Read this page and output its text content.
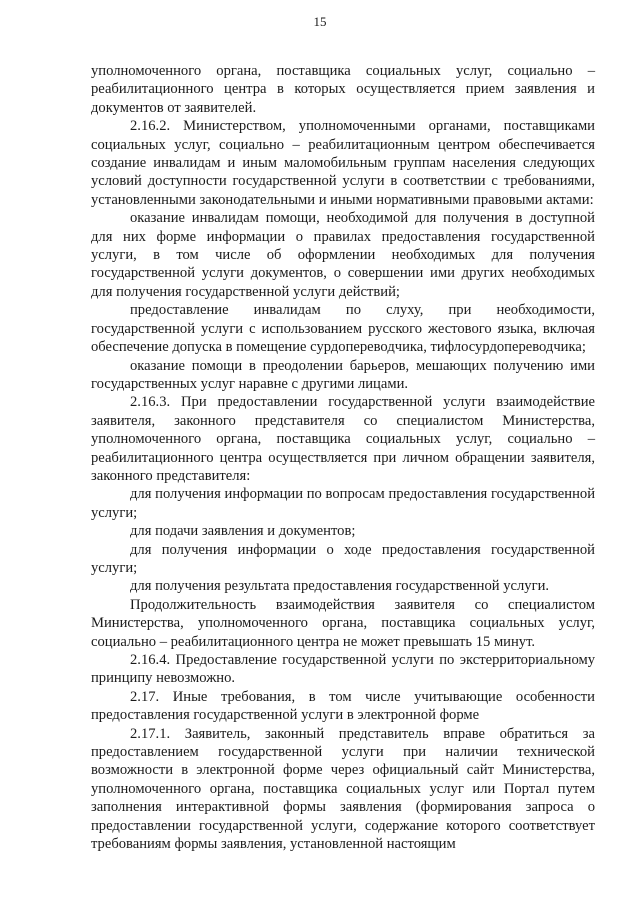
15

уполномоченного органа, поставщика социальных услуг, социально – реабилитационного центра в которых осуществляется прием заявления и документов от заявителей.

2.16.2. Министерством, уполномоченными органами, поставщиками социальных услуг, социально – реабилитационным центром обеспечивается создание инвалидам и иным маломобильным группам населения следующих условий доступности государственной услуги в соответствии с требованиями, установленными законодательными и иными нормативными правовыми актами:

оказание инвалидам помощи, необходимой для получения в доступной для них форме информации о правилах предоставления государственной услуги, в том числе об оформлении необходимых для получения государственной услуги документов, о совершении ими других необходимых для получения государственной услуги действий;

предоставление инвалидам по слуху, при необходимости, государственной услуги с использованием русского жестового языка, включая обеспечение допуска в помещение сурдопереводчика, тифлосурдопереводчика;

оказание помощи в преодолении барьеров, мешающих получению ими государственных услуг наравне с другими лицами.

2.16.3. При предоставлении государственной услуги взаимодействие заявителя, законного представителя со специалистом Министерства, уполномоченного органа, поставщика социальных услуг, социально – реабилитационного центра осуществляется при личном обращении заявителя, законного представителя:

для получения информации по вопросам предоставления государственной услуги;

для подачи заявления и документов;

для получения информации о ходе предоставления государственной услуги;

для получения результата предоставления государственной услуги.

Продолжительность взаимодействия заявителя со специалистом Министерства, уполномоченного органа, поставщика социальных услуг, социально – реабилитационного центра не может превышать 15 минут.

2.16.4. Предоставление государственной услуги по экстерриториальному принципу невозможно.

2.17. Иные требования, в том числе учитывающие особенности предоставления государственной услуги в электронной форме

2.17.1. Заявитель, законный представитель вправе обратиться за предоставлением государственной услуги при наличии технической возможности в электронной форме через официальный сайт Министерства, уполномоченного органа, поставщика социальных услуг или Портал путем заполнения интерактивной формы заявления (формирования запроса о предоставлении государственной услуги, содержание которого соответствует требованиям формы заявления, установленной настоящим
